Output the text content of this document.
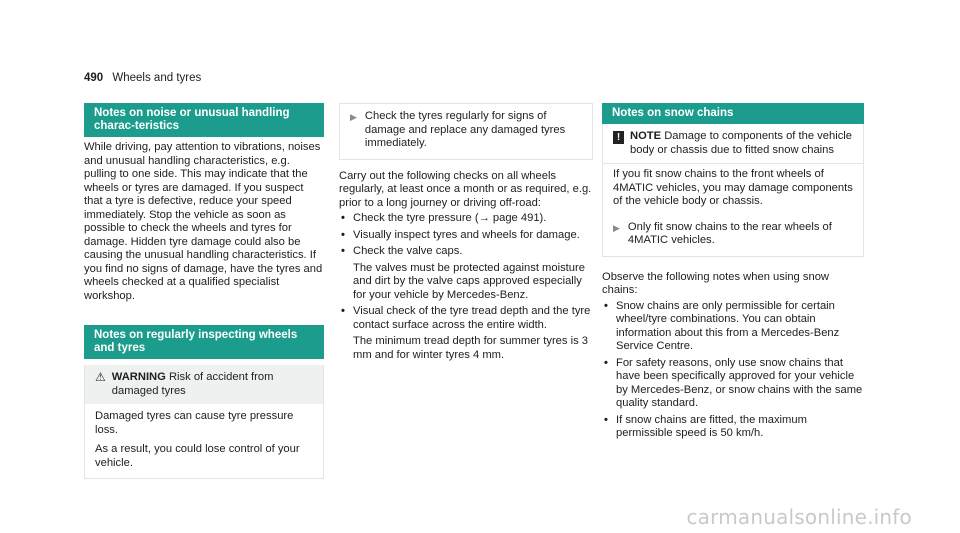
490 Wheels and tyres
Notes on noise or unusual handling charac-teristics

While driving, pay attention to vibrations, noises and unusual handling characteristics, e.g. pulling to one side. This may indicate that the wheels or tyres are damaged. If you suspect that a tyre is defective, reduce your speed immediately. Stop the vehicle as soon as possible to check the wheels and tyres for damage. Hidden tyre damage could also be causing the unusual handling characteristics. If you find no signs of damage, have the tyres and wheels checked at a qualified specialist workshop.

Notes on regularly inspecting wheels and tyres
⚠ WARNING Risk of accident from damaged tyres

Damaged tyres can cause tyre pressure loss.

As a result, you could lose control of your vehicle.

▶ Check the tyres regularly for signs of damage and replace any damaged tyres immediately.

Carry out the following checks on all wheels regularly, at least once a month or as required, e.g. prior to a long journey or driving off-road:

• Check the tyre pressure (→ page 491).
• Visually inspect tyres and wheels for damage.
• Check the valve caps.

The valves must be protected against moisture and dirt by the valve caps approved especially for your vehicle by Mercedes-Benz.

• Visual check of the tyre tread depth and the tyre contact surface across the entire width.

The minimum tread depth for summer tyres is 3 mm and for winter tyres 4 mm.

Notes on snow chains
! NOTE Damage to components of the vehicle body or chassis due to fitted snow chains

If you fit snow chains to the front wheels of 4MATIC vehicles, you may damage components of the vehicle body or chassis.

▶ Only fit snow chains to the rear wheels of 4MATIC vehicles.

Observe the following notes when using snow chains:

• Snow chains are only permissible for certain wheel/tyre combinations. You can obtain information about this from a Mercedes-Benz Service Centre.
• For safety reasons, only use snow chains that have been specifically approved for your vehicle by Mercedes-Benz, or snow chains with the same quality standard.
• If snow chains are fitted, the maximum permissible speed is 50 km/h.
carmanualsonline.info
